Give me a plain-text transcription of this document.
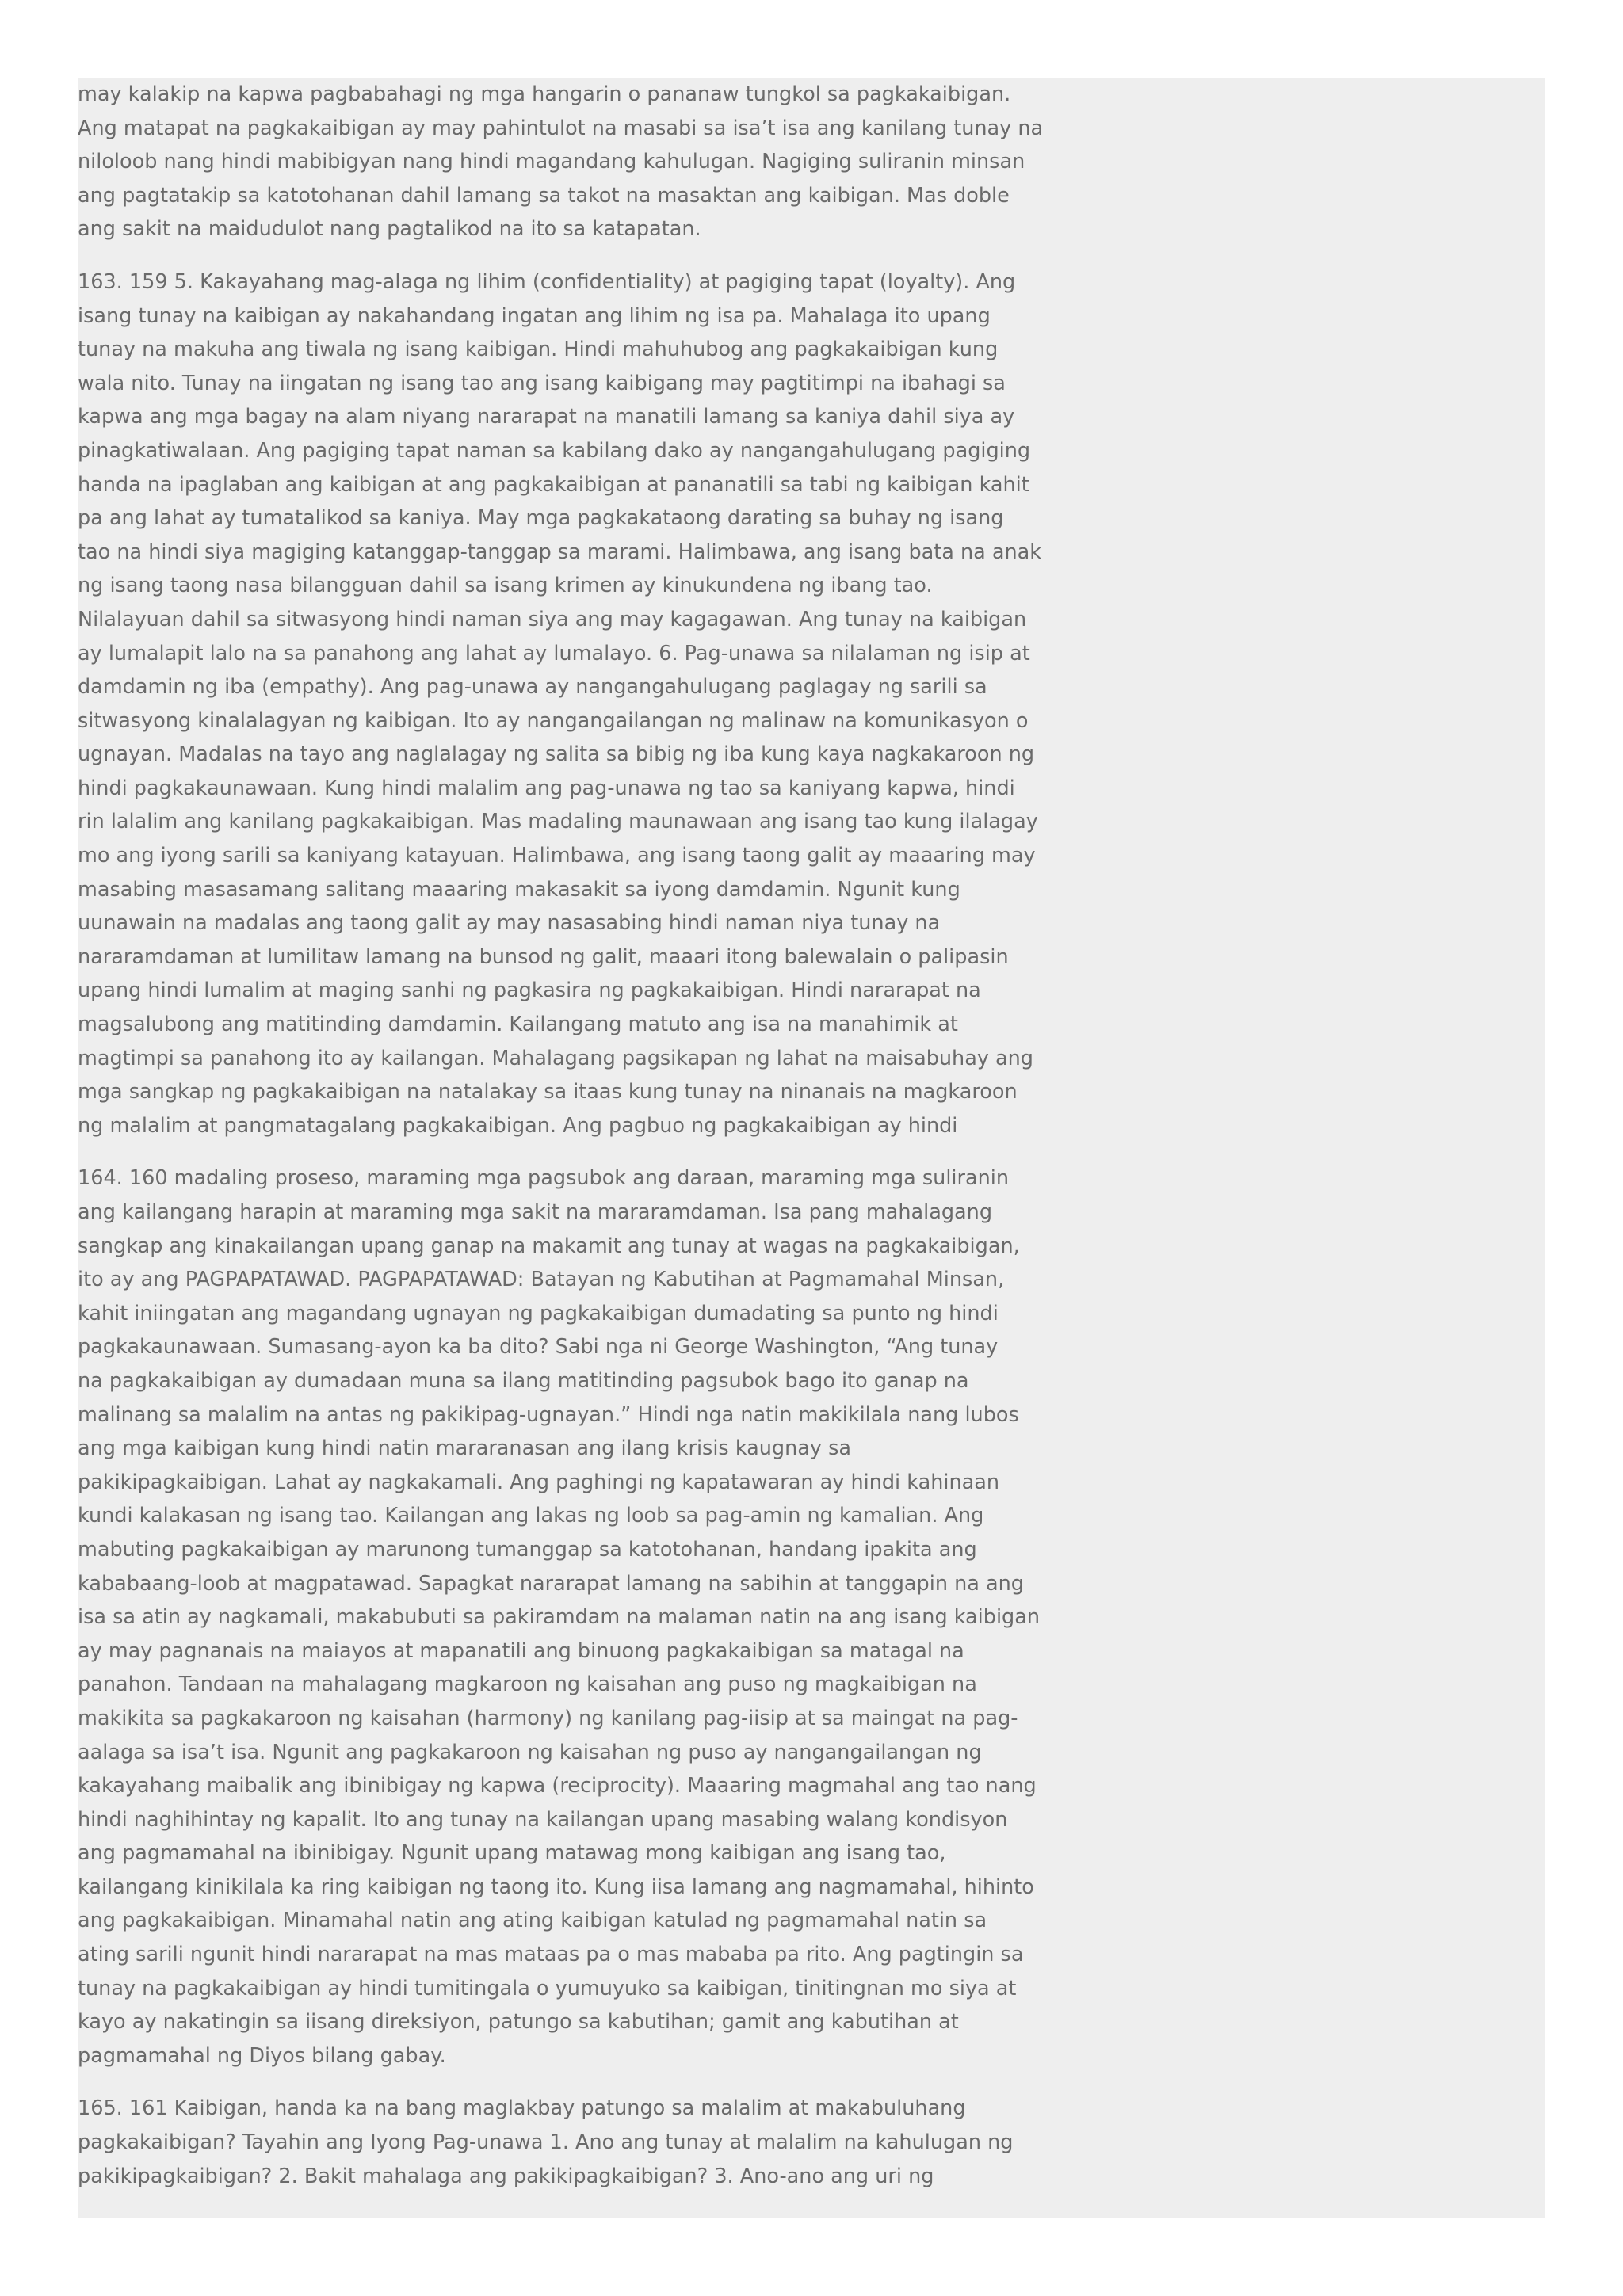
may kalakip na kapwa pagbabahagi ng mga hangarin o pananaw tungkol sa pagkakaibigan.
Ang matapat na pagkakaibigan ay may pahintulot na masabi sa isa’t isa ang kanilang tunay na
niloloob nang hindi mabibigyan nang hindi magandang kahulugan. Nagiging suliranin minsan
ang pagtatakip sa katotohanan dahil lamang sa takot na masaktan ang kaibigan. Mas doble
ang sakit na maidudulot nang pagtalikod na ito sa katapatan.
163. 159 5. Kakayahang mag-alaga ng lihim (confidentiality) at pagiging tapat (loyalty). Ang
isang tunay na kaibigan ay nakahandang ingatan ang lihim ng isa pa. Mahalaga ito upang
tunay na makuha ang tiwala ng isang kaibigan. Hindi mahuhubog ang pagkakaibigan kung
wala nito. Tunay na iingatan ng isang tao ang isang kaibigang may pagtitimpi na ibahagi sa
kapwa ang mga bagay na alam niyang nararapat na manatili lamang sa kaniya dahil siya ay
pinagkatiwalaan. Ang pagiging tapat naman sa kabilang dako ay nangangahulugang pagiging
handa na ipaglaban ang kaibigan at ang pagkakaibigan at pananatili sa tabi ng kaibigan kahit
pa ang lahat ay tumatalikod sa kaniya. May mga pagkakataong darating sa buhay ng isang
tao na hindi siya magiging katanggap-tanggap sa marami. Halimbawa, ang isang bata na anak
ng isang taong nasa bilangguan dahil sa isang krimen ay kinukundena ng ibang tao.
Nilalayuan dahil sa sitwasyong hindi naman siya ang may kagagawan. Ang tunay na kaibigan
ay lumalapit lalo na sa panahong ang lahat ay lumalayo. 6. Pag-unawa sa nilalaman ng isip at
damdamin ng iba (empathy). Ang pag-unawa ay nangangahulugang paglagay ng sarili sa
sitwasyong kinalalagyan ng kaibigan. Ito ay nangangailangan ng malinaw na komunikasyon o
ugnayan. Madalas na tayo ang naglalagay ng salita sa bibig ng iba kung kaya nagkakaroon ng
hindi pagkakaunawaan. Kung hindi malalim ang pag-unawa ng tao sa kaniyang kapwa, hindi
rin lalalim ang kanilang pagkakaibigan. Mas madaling maunawaan ang isang tao kung ilalagay
mo ang iyong sarili sa kaniyang katayuan. Halimbawa, ang isang taong galit ay maaaring may
masabing masasamang salitang maaaring makasakit sa iyong damdamin. Ngunit kung
uunawain na madalas ang taong galit ay may nasasabing hindi naman niya tunay na
nararamdaman at lumilitaw lamang na bunsod ng galit, maaari itong balewalain o palipasin
upang hindi lumalim at maging sanhi ng pagkasira ng pagkakaibigan. Hindi nararapat na
magsalubong ang matitinding damdamin. Kailangang matuto ang isa na manahimik at
magtimpi sa panahong ito ay kailangan. Mahalagang pagsikapan ng lahat na maisabuhay ang
mga sangkap ng pagkakaibigan na natalakay sa itaas kung tunay na ninanais na magkaroon
ng malalim at pangmatagalang pagkakaibigan. Ang pagbuo ng pagkakaibigan ay hindi
164. 160 madaling proseso, maraming mga pagsubok ang daraan, maraming mga suliranin
ang kailangang harapin at maraming mga sakit na mararamdaman. Isa pang mahalagang
sangkap ang kinakailangan upang ganap na makamit ang tunay at wagas na pagkakaibigan,
ito ay ang PAGPAPATAWAD. PAGPAPATAWAD: Batayan ng Kabutihan at Pagmamahal Minsan,
kahit iniingatan ang magandang ugnayan ng pagkakaibigan dumadating sa punto ng hindi
pagkakaunawaan. Sumasang-ayon ka ba dito? Sabi nga ni George Washington, “Ang tunay
na pagkakaibigan ay dumadaan muna sa ilang matitinding pagsubok bago ito ganap na
malinang sa malalim na antas ng pakikipag-ugnayan.” Hindi nga natin makikilala nang lubos
ang mga kaibigan kung hindi natin mararanasan ang ilang krisis kaugnay sa
pakikipagkaibigan. Lahat ay nagkakamali. Ang paghingi ng kapatawaran ay hindi kahinaan
kundi kalakasan ng isang tao. Kailangan ang lakas ng loob sa pag-amin ng kamalian. Ang
mabuting pagkakaibigan ay marunong tumanggap sa katotohanan, handang ipakita ang
kababaang-loob at magpatawad. Sapagkat nararapat lamang na sabihin at tanggapin na ang
isa sa atin ay nagkamali, makabubuti sa pakiramdam na malaman natin na ang isang kaibigan
ay may pagnanais na maiayos at mapanatili ang binuong pagkakaibigan sa matagal na
panahon. Tandaan na mahalagang magkaroon ng kaisahan ang puso ng magkaibigan na
makikita sa pagkakaroon ng kaisahan (harmony) ng kanilang pag-iisip at sa maingat na pag-
aalaga sa isa’t isa. Ngunit ang pagkakaroon ng kaisahan ng puso ay nangangailangan ng
kakayahang maibalik ang ibinibigay ng kapwa (reciprocity). Maaaring magmahal ang tao nang
hindi naghihintay ng kapalit. Ito ang tunay na kailangan upang masabing walang kondisyon
ang pagmamahal na ibinibigay. Ngunit upang matawag mong kaibigan ang isang tao,
kailangang kinikilala ka ring kaibigan ng taong ito. Kung iisa lamang ang nagmamahal, hihinto
ang pagkakaibigan. Minamahal natin ang ating kaibigan katulad ng pagmamahal natin sa
ating sarili ngunit hindi nararapat na mas mataas pa o mas mababa pa rito. Ang pagtingin sa
tunay na pagkakaibigan ay hindi tumitingala o yumuyuko sa kaibigan, tinitingnan mo siya at
kayo ay nakatingin sa iisang direksiyon, patungo sa kabutihan; gamit ang kabutihan at
pagmamahal ng Diyos bilang gabay.
165. 161 Kaibigan, handa ka na bang maglakbay patungo sa malalim at makabuluhang
pagkakaibigan? Tayahin ang Iyong Pag-unawa 1. Ano ang tunay at malalim na kahulugan ng
pakikipagkaibigan? 2. Bakit mahalaga ang pakikipagkaibigan? 3. Ano-ano ang uri ng
